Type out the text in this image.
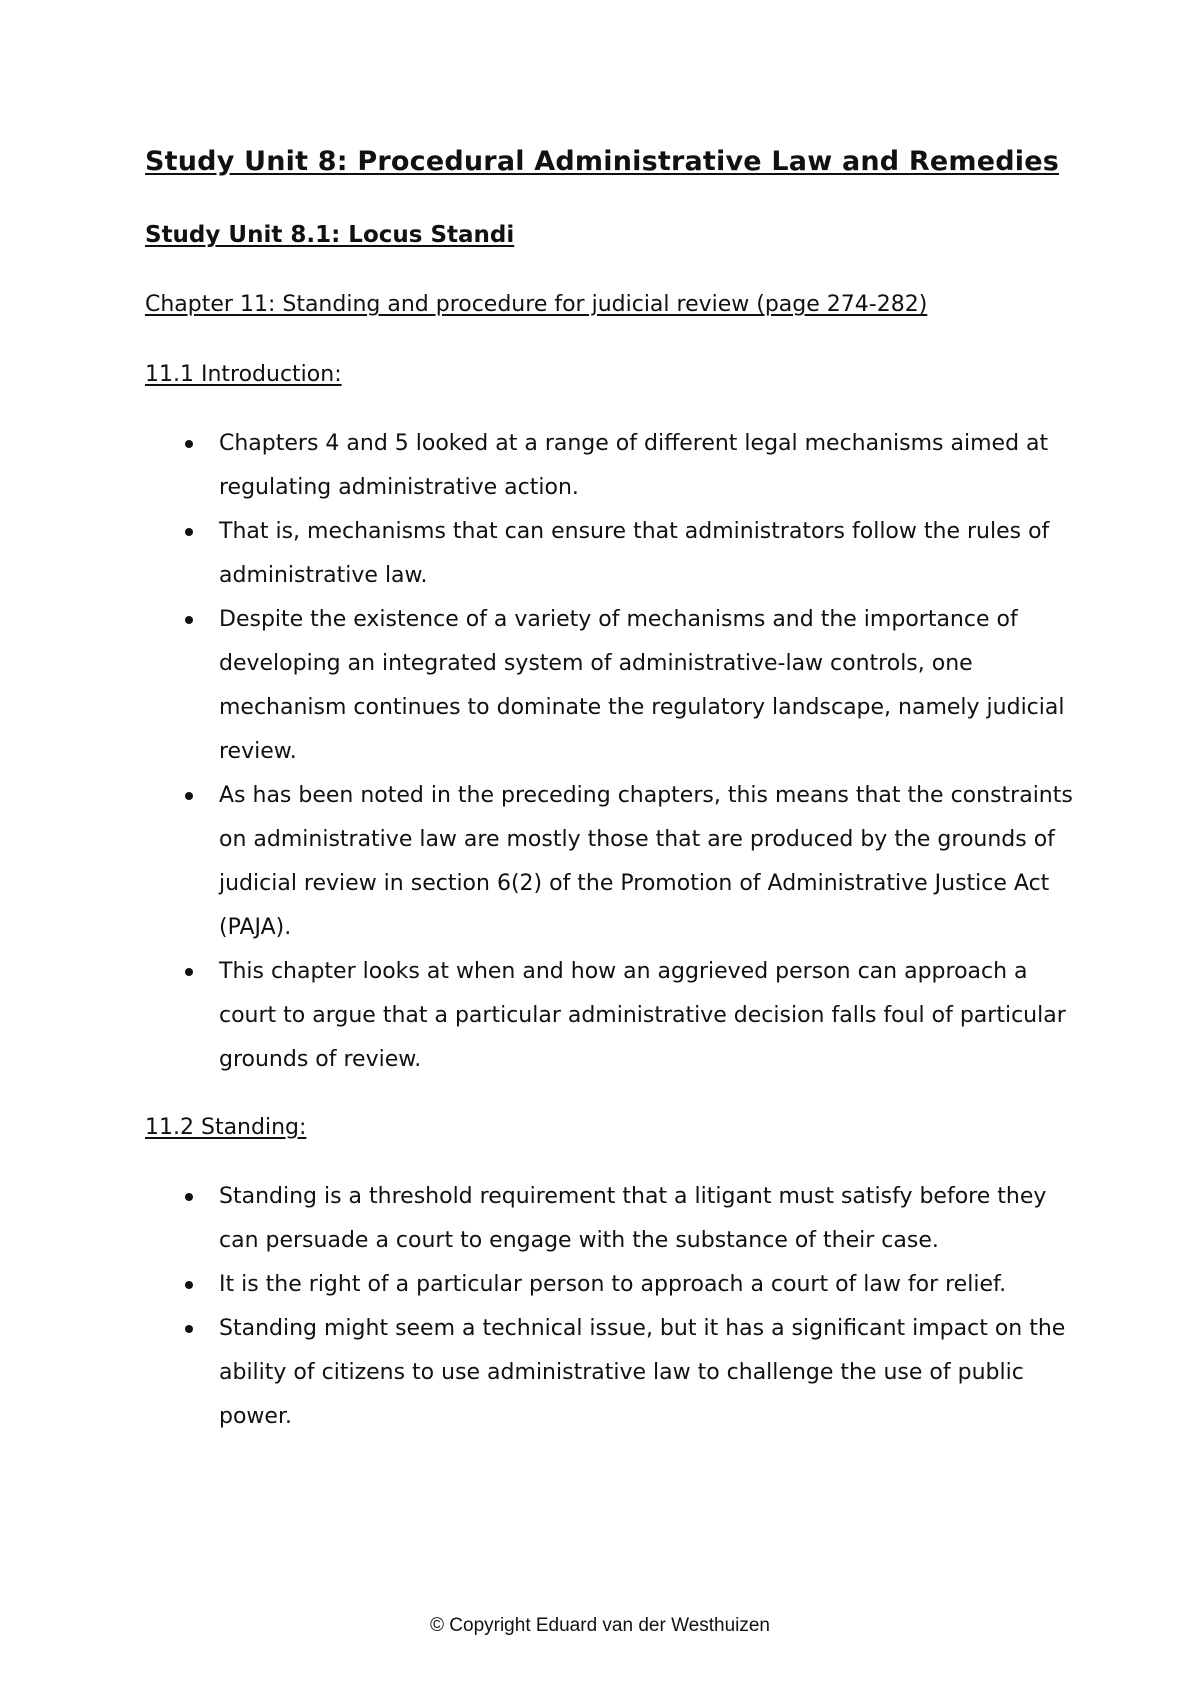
Study Unit 8: Procedural Administrative Law and Remedies
Study Unit 8.1: Locus Standi

Chapter 11: Standing and procedure for judicial review (page 274-282)

11.1 Introduction:

Chapters 4 and 5 looked at a range of different legal mechanisms aimed at regulating administrative action.
That is, mechanisms that can ensure that administrators follow the rules of administrative law.
Despite the existence of a variety of mechanisms and the importance of developing an integrated system of administrative-law controls, one mechanism continues to dominate the regulatory landscape, namely judicial review.
As has been noted in the preceding chapters, this means that the constraints on administrative law are mostly those that are produced by the grounds of judicial review in section 6(2) of the Promotion of Administrative Justice Act (PAJA).
This chapter looks at when and how an aggrieved person can approach a court to argue that a particular administrative decision falls foul of particular grounds of review.

11.2 Standing:

Standing is a threshold requirement that a litigant must satisfy before they can persuade a court to engage with the substance of their case.
It is the right of a particular person to approach a court of law for relief.
Standing might seem a technical issue, but it has a significant impact on the ability of citizens to use administrative law to challenge the use of public power.

© Copyright Eduard van der Westhuizen
